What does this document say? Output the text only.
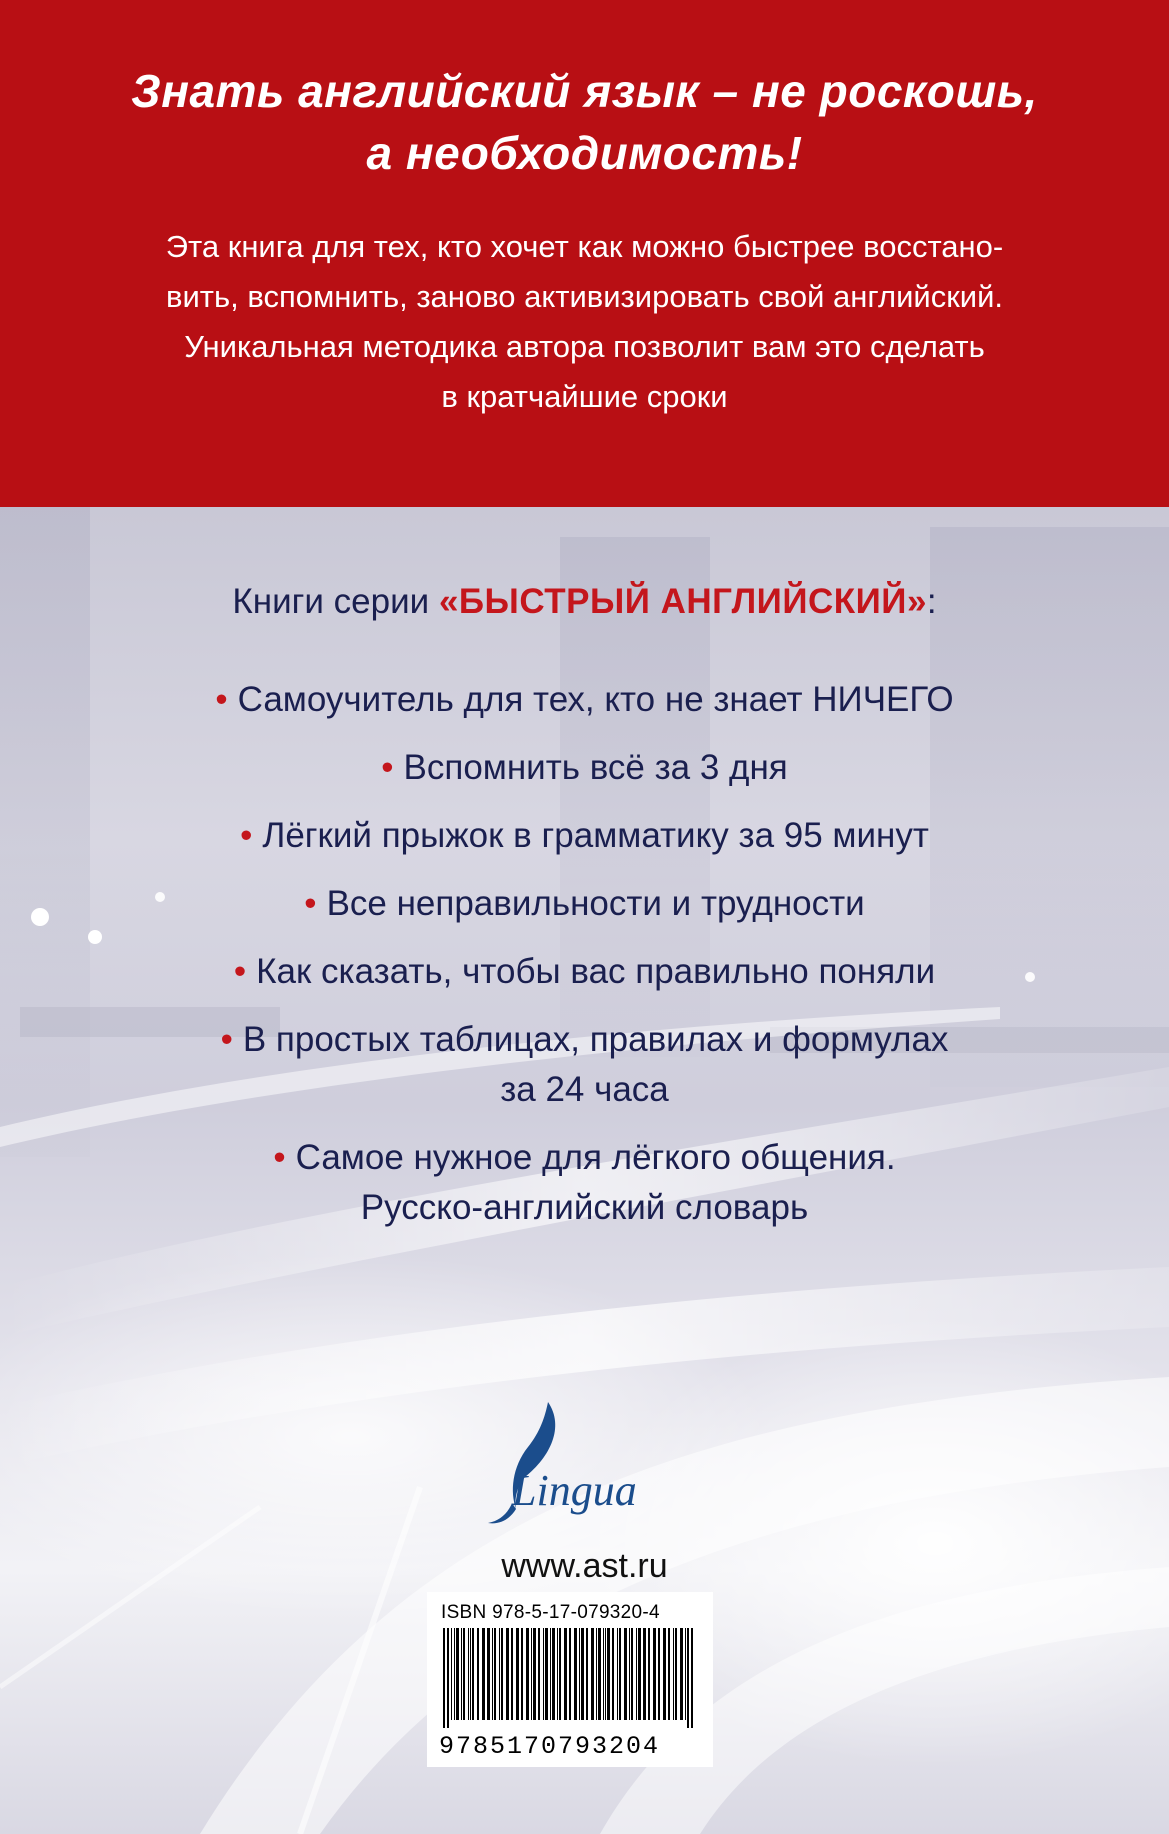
Знать английский язык – не роскошь,
а необходимость!
Эта книга для тех, кто хочет как можно быстрее восстано-
вить, вспомнить, заново активизировать свой английский.
Уникальная методика автора позволит вам это сделать
в кратчайшие сроки
Книги серии «БЫСТРЫЙ АНГЛИЙСКИЙ»:
• Самоучитель для тех, кто не знает НИЧЕГО
• Вспомнить всё за 3 дня
• Лёгкий прыжок в грамматику за 95 минут
• Все неправильности и трудности
• Как сказать, чтобы вас правильно поняли
• В простых таблицах, правилах и формулах
за 24 часа
• Самое нужное для лёгкого общения.
Русско-английский словарь
Lingua
www.ast.ru
ISBN 978-5-17-079320-4
9785170793204
